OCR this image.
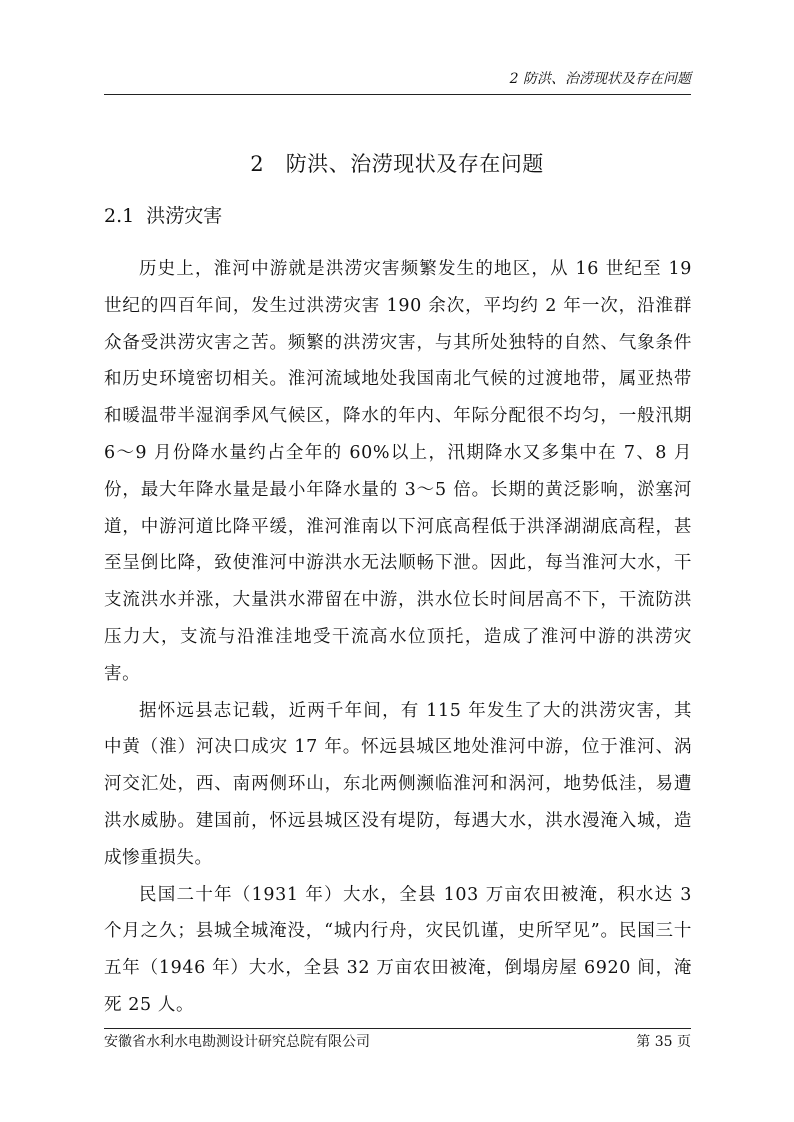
2 防洪、治涝现状及存在问题
2 防洪、治涝现状及存在问题
2.1 洪涝灾害

历史上，淮河中游就是洪涝灾害频繁发生的地区，从 16 世纪至 19 世纪的四百年间，发生过洪涝灾害 190 余次，平均约 2 年一次，沿淮群众备受洪涝灾害之苦。频繁的洪涝灾害，与其所处独特的自然、气象条件和历史环境密切相关。淮河流域地处我国南北气候的过渡地带，属亚热带和暖温带半湿润季风气候区，降水的年内、年际分配很不均匀，一般汛期 6～9 月份降水量约占全年的 60%以上，汛期降水又多集中在 7、8 月份，最大年降水量是最小年降水量的 3～5 倍。长期的黄泛影响，淤塞河道，中游河道比降平缓，淮河淮南以下河底高程低于洪泽湖湖底高程，甚至呈倒比降，致使淮河中游洪水无法顺畅下泄。因此，每当淮河大水，干支流洪水并涨，大量洪水滞留在中游，洪水位长时间居高不下，干流防洪压力大，支流与沿淮洼地受干流高水位顶托，造成了淮河中游的洪涝灾害。

据怀远县志记载，近两千年间，有 115 年发生了大的洪涝灾害，其中黄（淮）河决口成灾 17 年。怀远县城区地处淮河中游，位于淮河、涡河交汇处，西、南两侧环山，东北两侧濒临淮河和涡河，地势低洼，易遭洪水威胁。建国前，怀远县城区没有堤防，每遇大水，洪水漫淹入城，造成惨重损失。

民国二十年（1931 年）大水，全县 103 万亩农田被淹，积水达 3 个月之久；县城全城淹没，“城内行舟，灾民饥谨，史所罕见”。民国三十五年（1946 年）大水，全县 32 万亩农田被淹，倒塌房屋 6920 间，淹死 25 人。

安徽省水利水电勘测设计研究总院有限公司	第 35 页
